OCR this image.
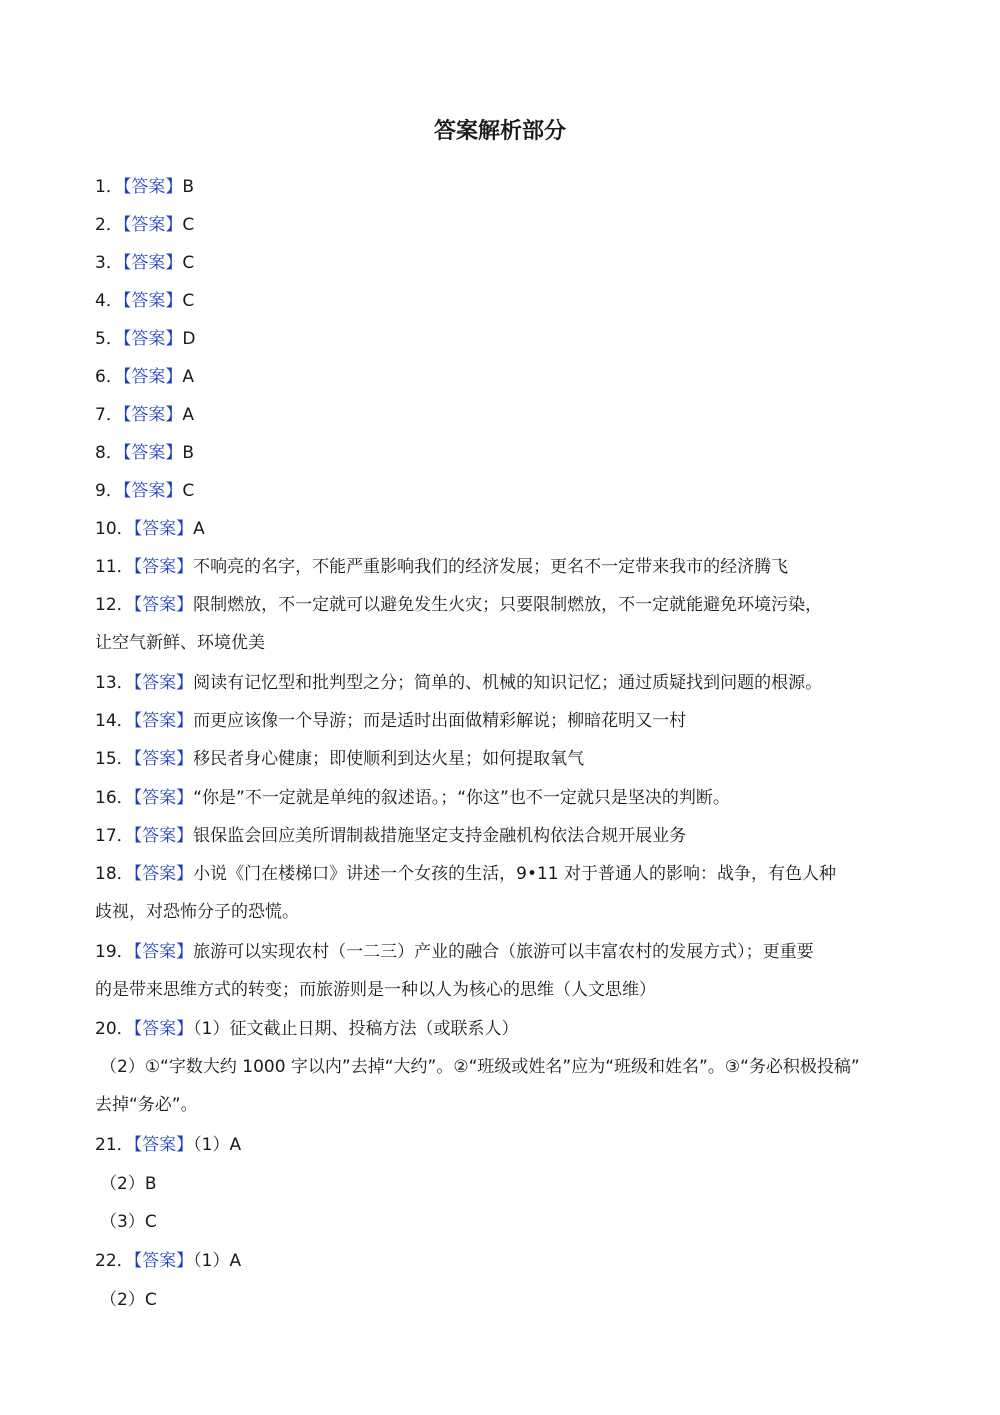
答案解析部分
1．【答案】B
2．【答案】C
3．【答案】C
4．【答案】C
5．【答案】D
6．【答案】A
7．【答案】A
8．【答案】B
9．【答案】C
10．【答案】A
11．【答案】不响亮的名字，不能严重影响我们的经济发展；更名不一定带来我市的经济腾飞
12．【答案】限制燃放，不一定就可以避免发生火灾；只要限制燃放，不一定就能避免环境污染，
让空气新鲜、环境优美
13．【答案】阅读有记忆型和批判型之分；简单的、机械的知识记忆；通过质疑找到问题的根源。
14．【答案】而更应该像一个导游；而是适时出面做精彩解说；柳暗花明又一村
15．【答案】移民者身心健康；即使顺利到达火星；如何提取氧气
16．【答案】“你是”不一定就是单纯的叙述语。；“你这”也不一定就只是坚决的判断。
17．【答案】银保监会回应美所谓制裁措施坚定支持金融机构依法合规开展业务
18．【答案】小说《门在楼梯口》讲述一个女孩的生活，9•11 对于普通人的影响：战争，有色人种
歧视，对恐怖分子的恐慌。
19．【答案】旅游可以实现农村（一二三）产业的融合（旅游可以丰富农村的发展方式）；更重要
的是带来思维方式的转变；而旅游则是一种以人为核心的思维（人文思维）
20．【答案】（1）征文截止日期、投稿方法（或联系人）
（2）①“字数大约 1000 字以内”去掉“大约”。②“班级或姓名”应为“班级和姓名”。③“务必积极投稿”
去掉“务必”。
21．【答案】（1）A
（2）B
（3）C
22．【答案】（1）A
（2）C
